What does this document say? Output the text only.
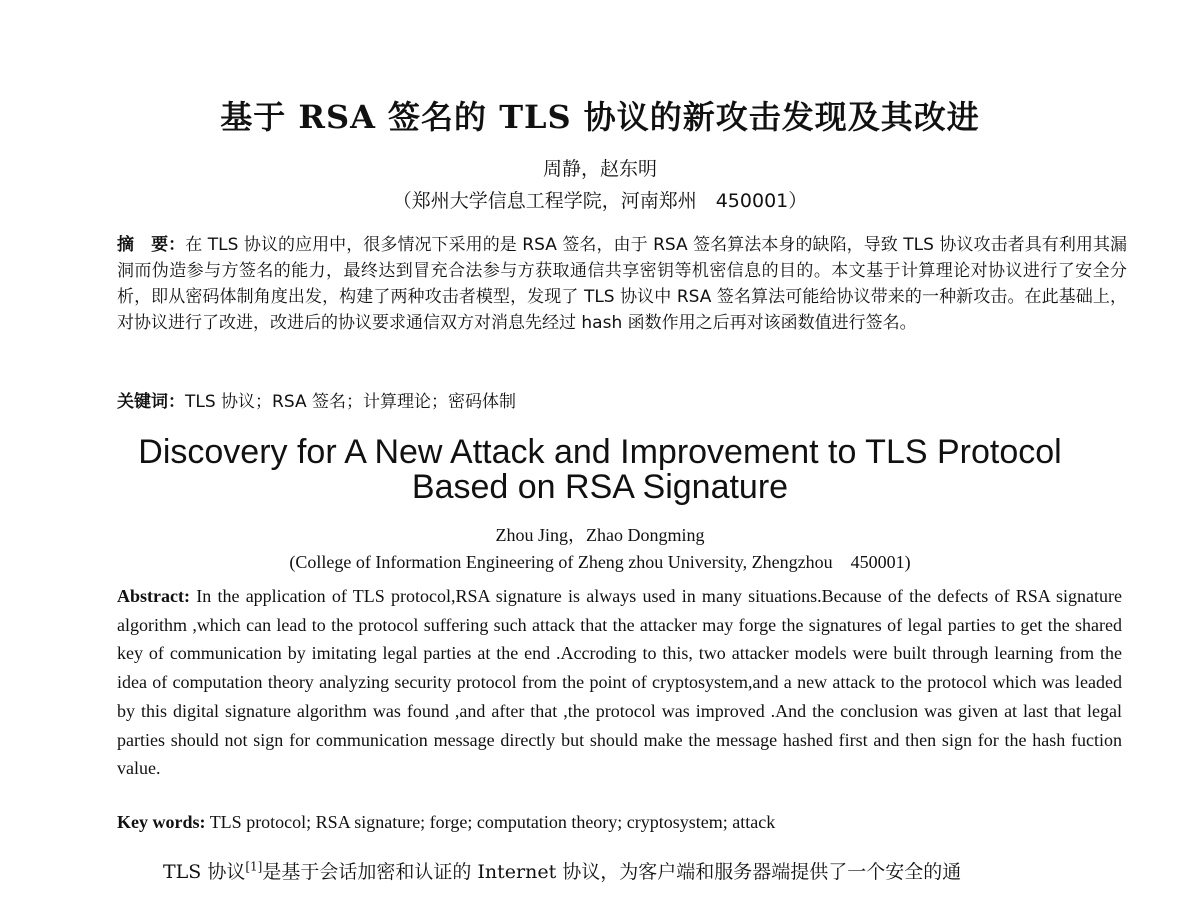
基于 RSA 签名的 TLS 协议的新攻击发现及其改进
周静，赵东明
（郑州大学信息工程学院，河南郑州　450001）
摘　要：在 TLS 协议的应用中，很多情况下采用的是 RSA 签名，由于 RSA 签名算法本身的缺陷，导致 TLS 协议攻击者具有利用其漏洞而伪造参与方签名的能力，最终达到冒充合法参与方获取通信共享密钥等机密信息的目的。本文基于计算理论对协议进行了安全分析，即从密码体制角度出发，构建了两种攻击者模型，发现了 TLS 协议中 RSA 签名算法可能给协议带来的一种新攻击。在此基础上，对协议进行了改进，改进后的协议要求通信双方对消息先经过 hash 函数作用之后再对该函数值进行签名。
关键词：TLS 协议；RSA 签名；计算理论；密码体制
Discovery for A New Attack and Improvement to TLS Protocol
Based on RSA Signature
Zhou Jing，Zhao Dongming
(College of Information Engineering of Zheng zhou University, Zhengzhou　450001)
Abstract: In the application of TLS protocol,RSA signature is always used in many situations.Because of the defects of RSA signature algorithm ,which can lead to the protocol suffering such attack that the attacker may forge the signatures of legal parties to get the shared key of communication by imitating legal parties at the end .Accroding to this, two attacker models were built through learning from the idea of computation theory analyzing security protocol from the point of cryptosystem,and a new attack to the protocol which was leaded by this digital signature algorithm was found ,and after that ,the protocol was improved .And the conclusion was given at last that legal parties should not sign for communication message directly but should make the message hashed first and then sign for the hash fuction value.
Key words: TLS protocol; RSA signature; forge; computation theory; cryptosystem; attack
TLS 协议[1]是基于会话加密和认证的 Internet 协议，为客户端和服务器端提供了一个安全的通
